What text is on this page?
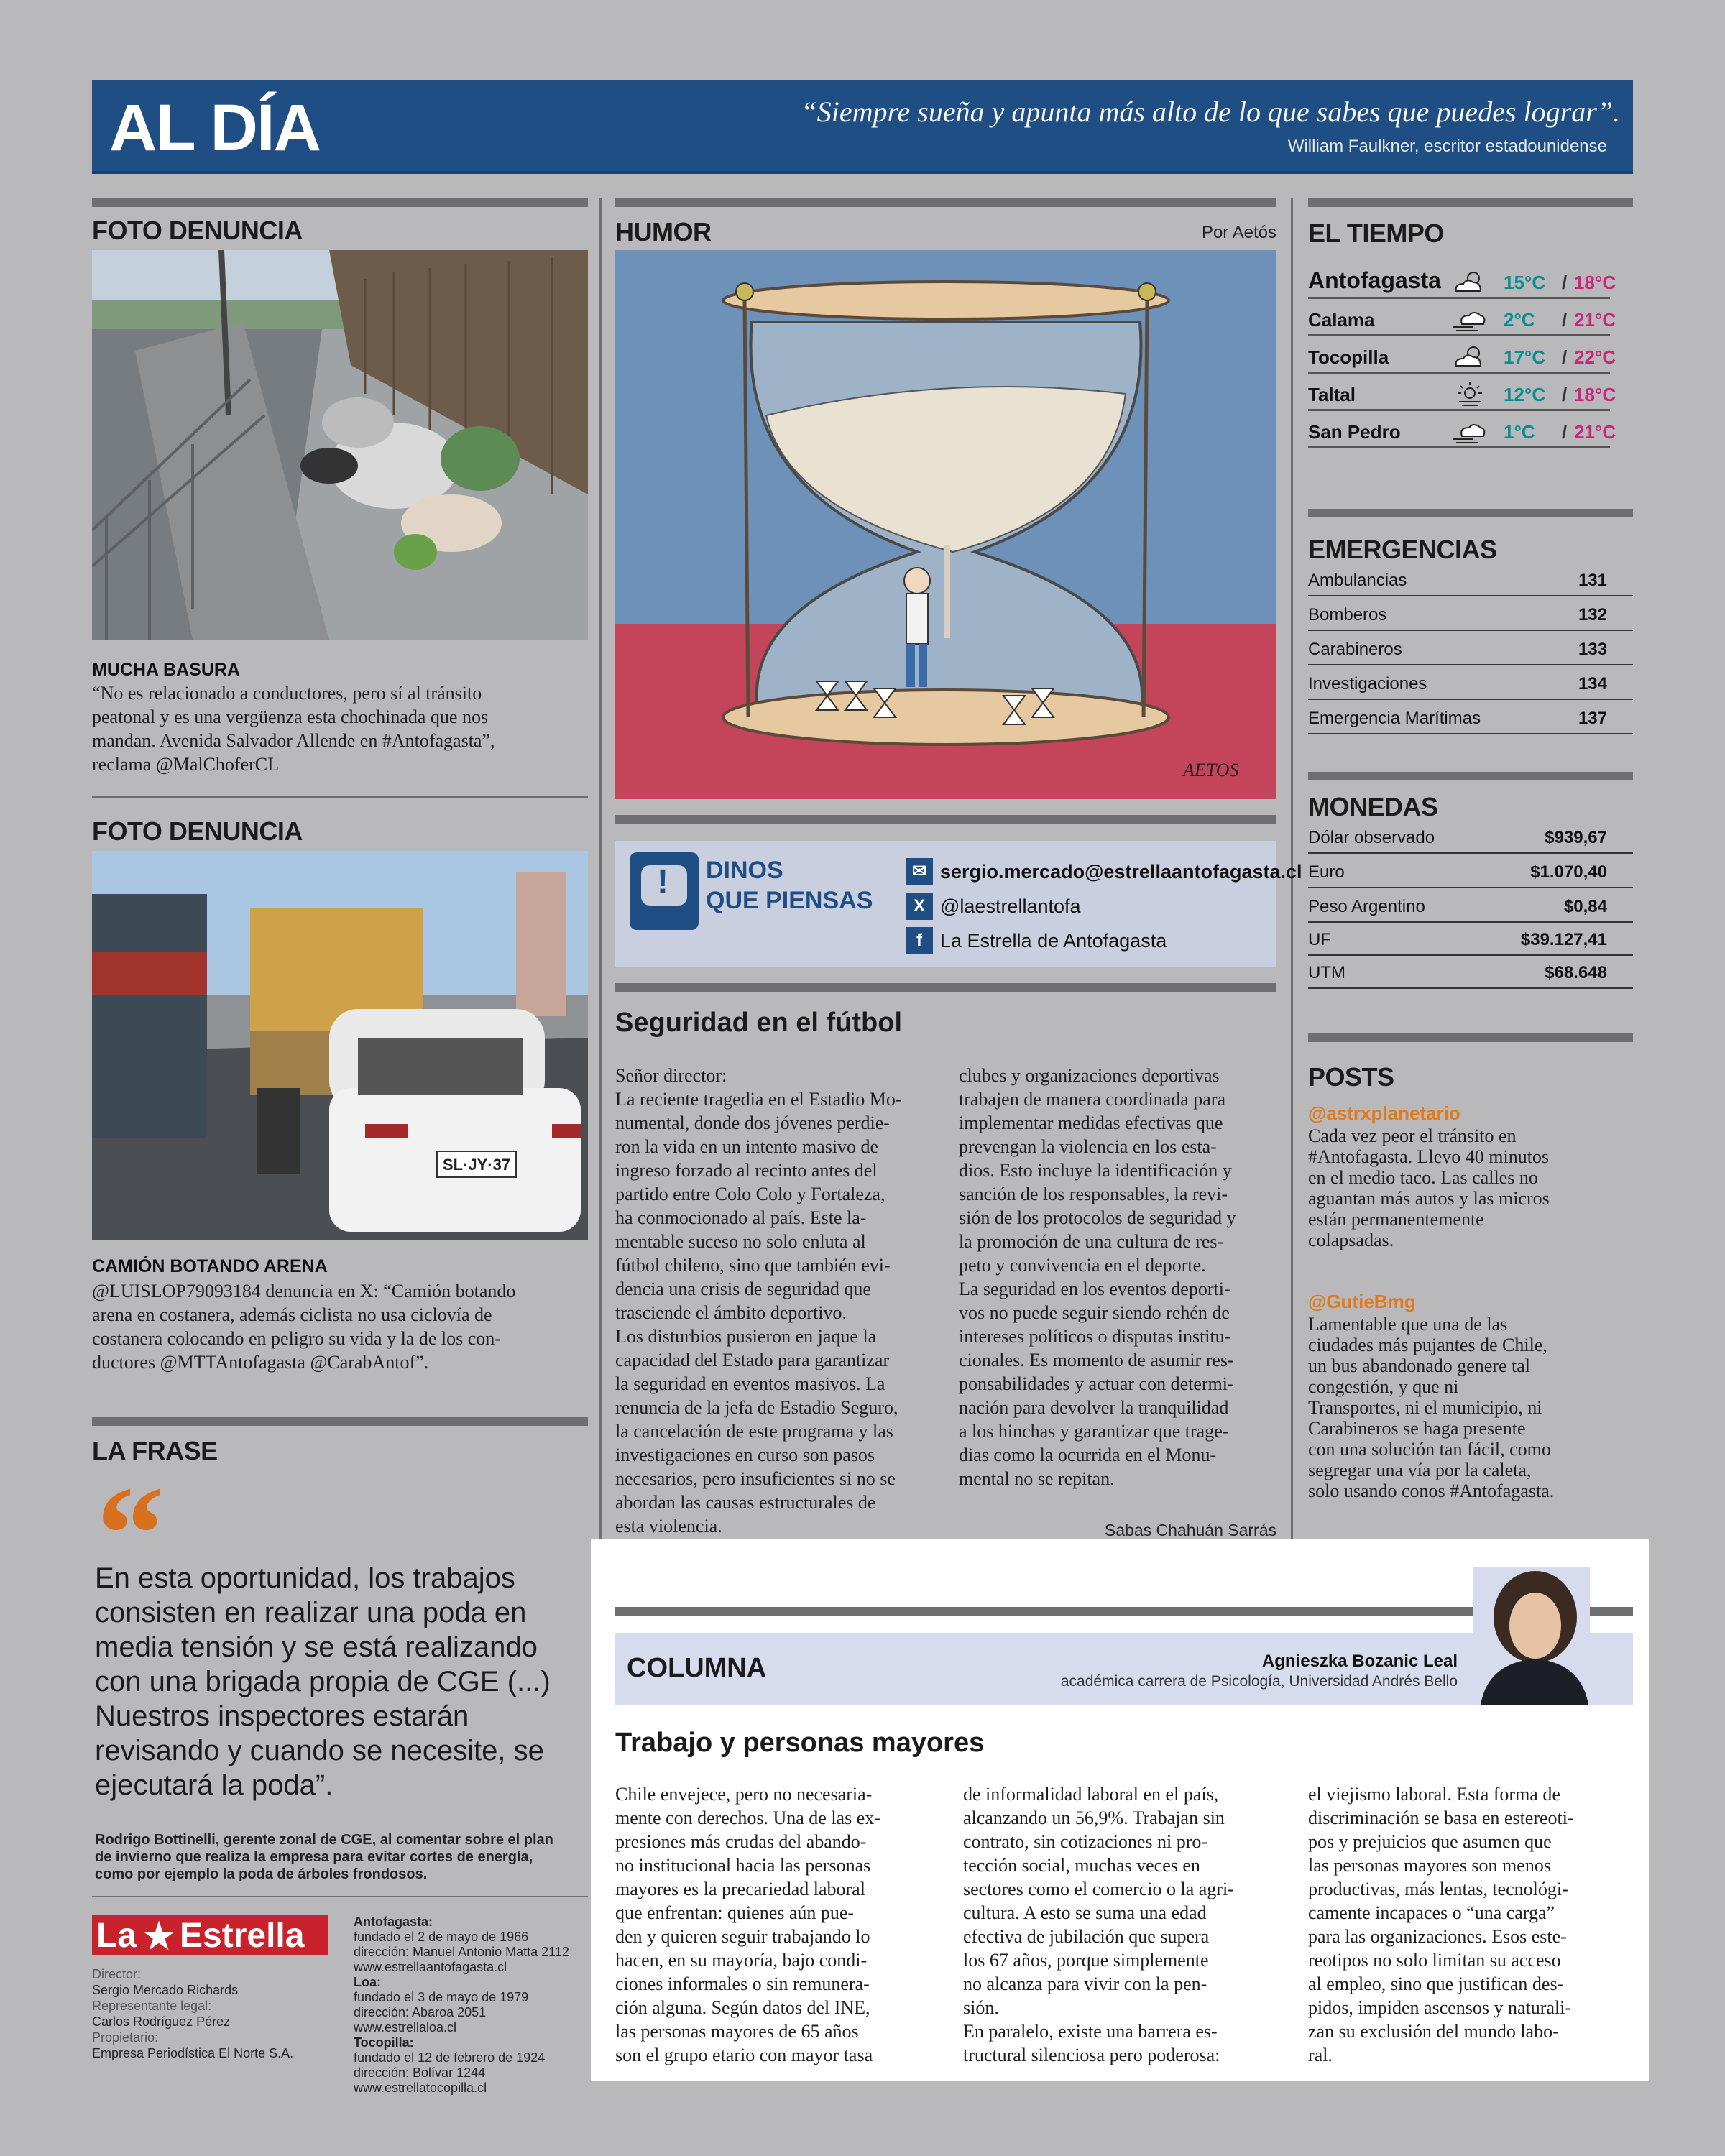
AL DÍA	“Siempre sueña y apunta más alto de lo que sabes que puedes lograr”.
William Faulkner, escritor estadounidense
FOTO DENUNCIA
MUCHA BASURA
“No es relacionado a conductores, pero sí al tránsito
peatonal y es una vergüenza esta chochinada que nos
mandan. Avenida Salvador Allende en #Antofagasta”,
reclama @MalChoferCL
FOTO DENUNCIA
SL·JY·37
CAMIÓN BOTANDO ARENA
@LUISLOP79093184 denuncia en X: “Camión botando
arena en costanera, además ciclista no usa ciclovía de
costanera colocando en peligro su vida y la de los con-
ductores @MTTAntofagasta @CarabAntof”.
LA FRASE
“
En esta oportunidad, los trabajos
consisten en realizar una poda en
media tensión y se está realizando
con una brigada propia de CGE (...)
Nuestros inspectores estarán
revisando y cuando se necesite, se
ejecutará la poda”.
Rodrigo Bottinelli, gerente zonal de CGE, al comentar sobre el plan
de invierno que realiza la empresa para evitar cortes de energía,
como por ejemplo la poda de árboles frondosos.
La ★ Estrella
Director:
Sergio Mercado Richards
Representante legal:
Carlos Rodríguez Pérez
Propietario:
Empresa Periodística El Norte S.A.
Antofagasta:
fundado el 2 de mayo de 1966
dirección: Manuel Antonio Matta 2112
www.estrellaantofagasta.cl
Loa:
fundado el 3 de mayo de 1979
dirección: Abaroa 2051
www.estrellaloa.cl
Tocopilla:
fundado el 12 de febrero de 1924
dirección: Bolívar 1244
www.estrellatocopilla.cl
HUMOR	Por Aetós
AETOS
! DINOS
QUE PIENSAS
✉ sergio.mercado@estrellaantofagasta.cl
X @laestrellantofa
f La Estrella de Antofagasta
Seguridad en el fútbol
Señor director:
La reciente tragedia en el Estadio Mo-
numental, donde dos jóvenes perdie-
ron la vida en un intento masivo de
ingreso forzado al recinto antes del
partido entre Colo Colo y Fortaleza,
ha conmocionado al país. Este la-
mentable suceso no solo enluta al
fútbol chileno, sino que también evi-
dencia una crisis de seguridad que
trasciende el ámbito deportivo.
Los disturbios pusieron en jaque la
capacidad del Estado para garantizar
la seguridad en eventos masivos. La
renuncia de la jefa de Estadio Seguro,
la cancelación de este programa y las
investigaciones en curso son pasos
necesarios, pero insuficientes si no se
abordan las causas estructurales de
esta violencia.
clubes y organizaciones deportivas
trabajen de manera coordinada para
implementar medidas efectivas que
prevengan la violencia en los esta-
dios. Esto incluye la identificación y
sanción de los responsables, la revi-
sión de los protocolos de seguridad y
la promoción de una cultura de res-
peto y convivencia en el deporte.
La seguridad en los eventos deporti-
vos no puede seguir siendo rehén de
intereses políticos o disputas institu-
cionales. Es momento de asumir res-
ponsabilidades y actuar con determi-
nación para devolver la tranquilidad
a los hinchas y garantizar que trage-
dias como la ocurrida en el Monu-
mental no se repitan.
Sabas Chahuán Sarrás
EL TIEMPO
Antofagasta	15°C / 18°C
Calama	2°C / 21°C
Tocopilla	17°C / 22°C
Taltal	12°C / 18°C
San Pedro	1°C / 21°C
EMERGENCIAS
Ambulancias	131
Bomberos	132
Carabineros	133
Investigaciones	134
Emergencia Marítimas	137
MONEDAS
Dólar observado	$939,67
Euro	$1.070,40
Peso Argentino	$0,84
UF	$39.127,41
UTM	$68.648
POSTS
@astrxplanetario
Cada vez peor el tránsito en
#Antofagasta. Llevo 40 minutos
en el medio taco. Las calles no
aguantan más autos y las micros
están permanentemente
colapsadas.
@GutieBmg
Lamentable que una de las
ciudades más pujantes de Chile,
un bus abandonado genere tal
congestión, y que ni
Transportes, ni el municipio, ni
Carabineros se haga presente
con una solución tan fácil, como
segregar una vía por la caleta,
solo usando conos #Antofagasta.
COLUMNA	Agnieszka Bozanic Leal
académica carrera de Psicología, Universidad Andrés Bello
Trabajo y personas mayores
Chile envejece, pero no necesaria-
mente con derechos. Una de las ex-
presiones más crudas del abando-
no institucional hacia las personas
mayores es la precariedad laboral
que enfrentan: quienes aún pue-
den y quieren seguir trabajando lo
hacen, en su mayoría, bajo condi-
ciones informales o sin remunera-
ción alguna. Según datos del INE,
las personas mayores de 65 años
son el grupo etario con mayor tasa
de informalidad laboral en el país,
alcanzando un 56,9%. Trabajan sin
contrato, sin cotizaciones ni pro-
tección social, muchas veces en
sectores como el comercio o la agri-
cultura. A esto se suma una edad
efectiva de jubilación que supera
los 67 años, porque simplemente
no alcanza para vivir con la pen-
sión.
En paralelo, existe una barrera es-
tructural silenciosa pero poderosa:
el viejismo laboral. Esta forma de
discriminación se basa en estereoti-
pos y prejuicios que asumen que
las personas mayores son menos
productivas, más lentas, tecnológi-
camente incapaces o “una carga”
para las organizaciones. Esos este-
reotipos no solo limitan su acceso
al empleo, sino que justifican des-
pidos, impiden ascensos y naturali-
zan su exclusión del mundo labo-
ral.
